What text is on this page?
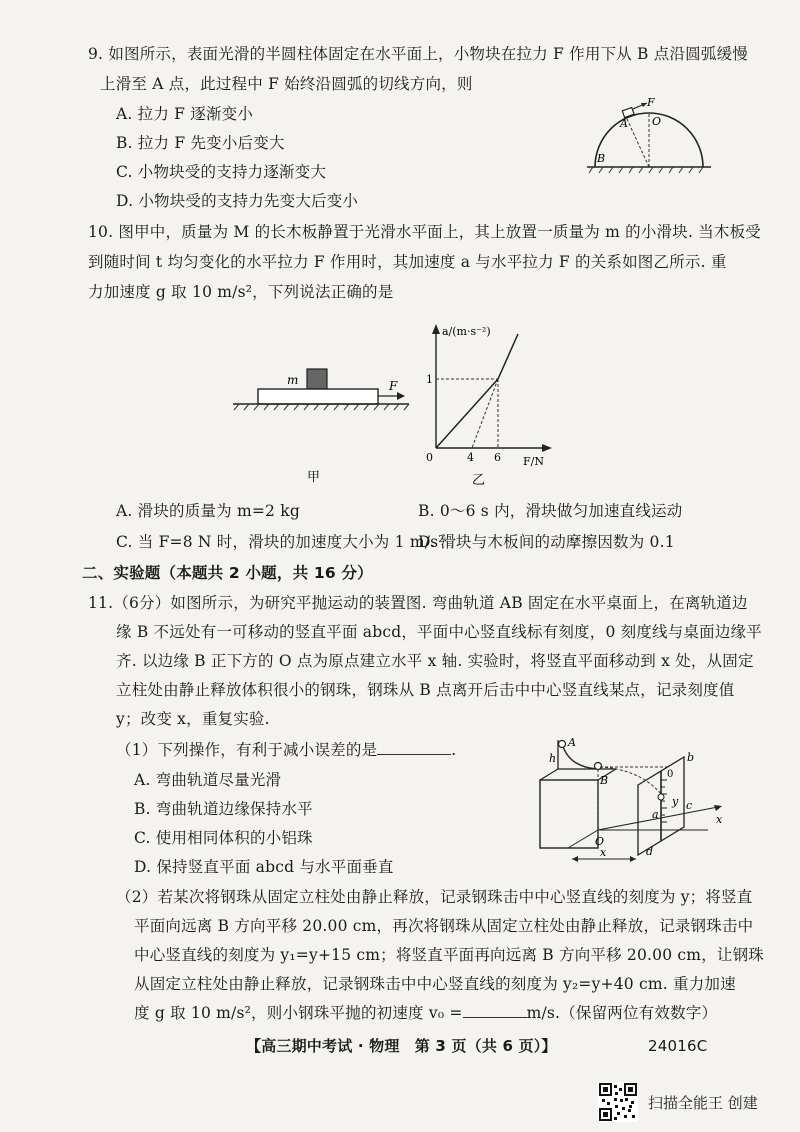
9. 如图所示，表面光滑的半圆柱体固定在水平面上，小物块在拉力 F 作用下从 B 点沿圆弧缓慢
上滑至 A 点，此过程中 F 始终沿圆弧的切线方向，则
A. 拉力 F 逐渐变小
B. 拉力 F 先变小后变大
C. 小物块受的支持力逐渐变大
D. 小物块受的支持力先变大后变小
F
A O
B
10. 图甲中，质量为 M 的长木板静置于光滑水平面上，其上放置一质量为 m 的小滑块. 当木板受
到随时间 t 均匀变化的水平拉力 F 作用时，其加速度 a 与水平拉力 F 的关系如图乙所示. 重
力加速度 g 取 10 m/s²，下列说法正确的是
m	F
甲
a/(m·s⁻²)
F/N
0
1
4 6
乙
A. 滑块的质量为 m=2 kg	B. 0～6 s 内，滑块做匀加速直线运动
C. 当 F=8 N 时，滑块的加速度大小为 1 m/s²
D. 滑块与木板间的动摩擦因数为 0.1
二、实验题（本题共 2 小题，共 16 分）
11.（6分）如图所示，为研究平抛运动的装置图. 弯曲轨道 AB 固定在水平桌面上，在离轨道边
缘 B 不远处有一可移动的竖直平面 abcd，平面中心竖直线标有刻度，0 刻度线与桌面边缘平
齐. 以边缘 B 正下方的 O 点为原点建立水平 x 轴. 实验时，将竖直平面移动到 x 处，从固定
立柱处由静止释放体积很小的钢珠，钢珠从 B 点离开后击中中心竖直线某点，记录刻度值
y；改变 x，重复实验.
（1）下列操作，有利于减小误差的是	.
A. 弯曲轨道尽量光滑
B. 弯曲轨道边缘保持水平
C. 使用相同体积的小铝珠
D. 保持竖直平面 abcd 与水平面垂直
A
h
B
b
0
a
c
y
d
O
x
x
（2）若某次将钢珠从固定立柱处由静止释放，记录钢珠击中中心竖直线的刻度为 y；将竖直
平面向远离 B 方向平移 20.00 cm，再次将钢珠从固定立柱处由静止释放，记录钢珠击中
中心竖直线的刻度为 y₁=y+15 cm；将竖直平面再向远离 B 方向平移 20.00 cm，让钢珠
从固定立柱处由静止释放，记录钢珠击中中心竖直线的刻度为 y₂=y+40 cm. 重力加速
度 g 取 10 m/s²，则小钢珠平抛的初速度 v₀ =	m/s.（保留两位有效数字）
【高三期中考试 · 物理　第 3 页（共 6 页）】	24016C
扫描全能王 创建
